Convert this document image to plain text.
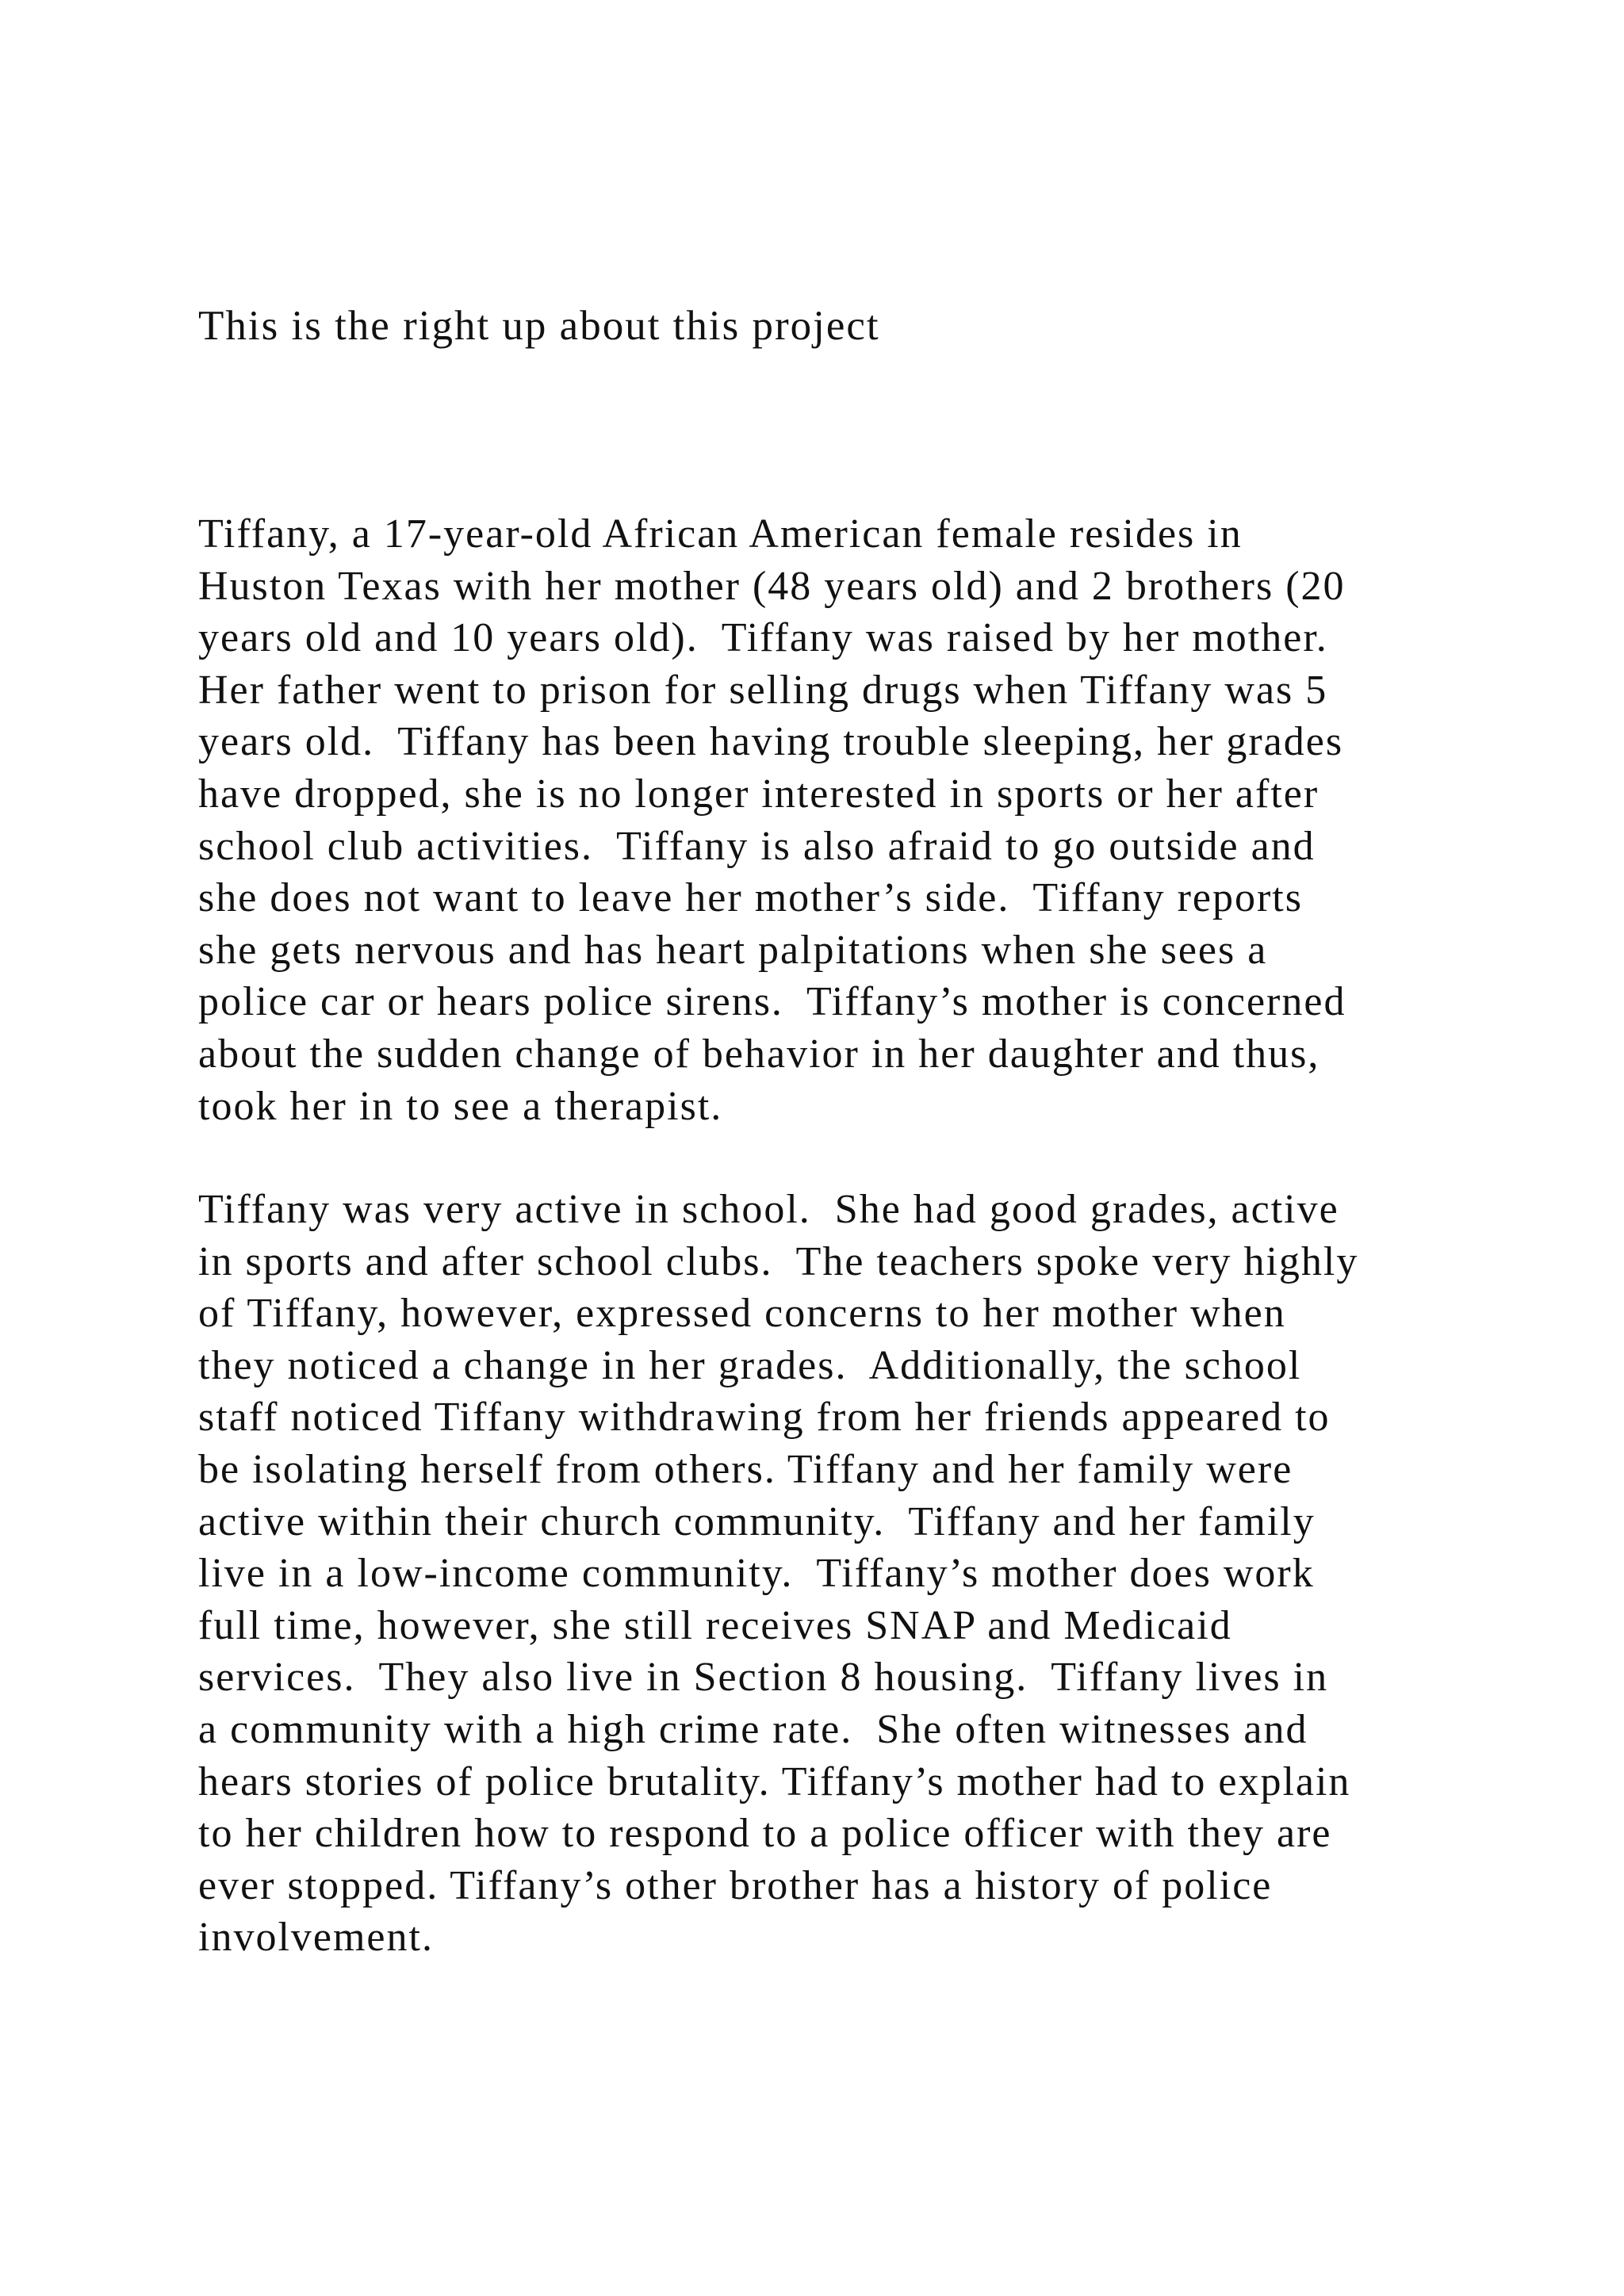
This is the right up about this project

Tiffany, a 17-year-old African American female resides in
Huston Texas with her mother (48 years old) and 2 brothers (20
years old and 10 years old).  Tiffany was raised by her mother.
Her father went to prison for selling drugs when Tiffany was 5
years old.  Tiffany has been having trouble sleeping, her grades
have dropped, she is no longer interested in sports or her after
school club activities.  Tiffany is also afraid to go outside and
she does not want to leave her mother’s side.  Tiffany reports
she gets nervous and has heart palpitations when she sees a
police car or hears police sirens.  Tiffany’s mother is concerned
about the sudden change of behavior in her daughter and thus,
took her in to see a therapist.
Tiffany was very active in school.  She had good grades, active
in sports and after school clubs.  The teachers spoke very highly
of Tiffany, however, expressed concerns to her mother when
they noticed a change in her grades.  Additionally, the school
staff noticed Tiffany withdrawing from her friends appeared to
be isolating herself from others. Tiffany and her family were
active within their church community.  Tiffany and her family
live in a low-income community.  Tiffany’s mother does work
full time, however, she still receives SNAP and Medicaid
services.  They also live in Section 8 housing.  Tiffany lives in
a community with a high crime rate.  She often witnesses and
hears stories of police brutality. Tiffany’s mother had to explain
to her children how to respond to a police officer with they are
ever stopped. Tiffany’s other brother has a history of police
involvement.
